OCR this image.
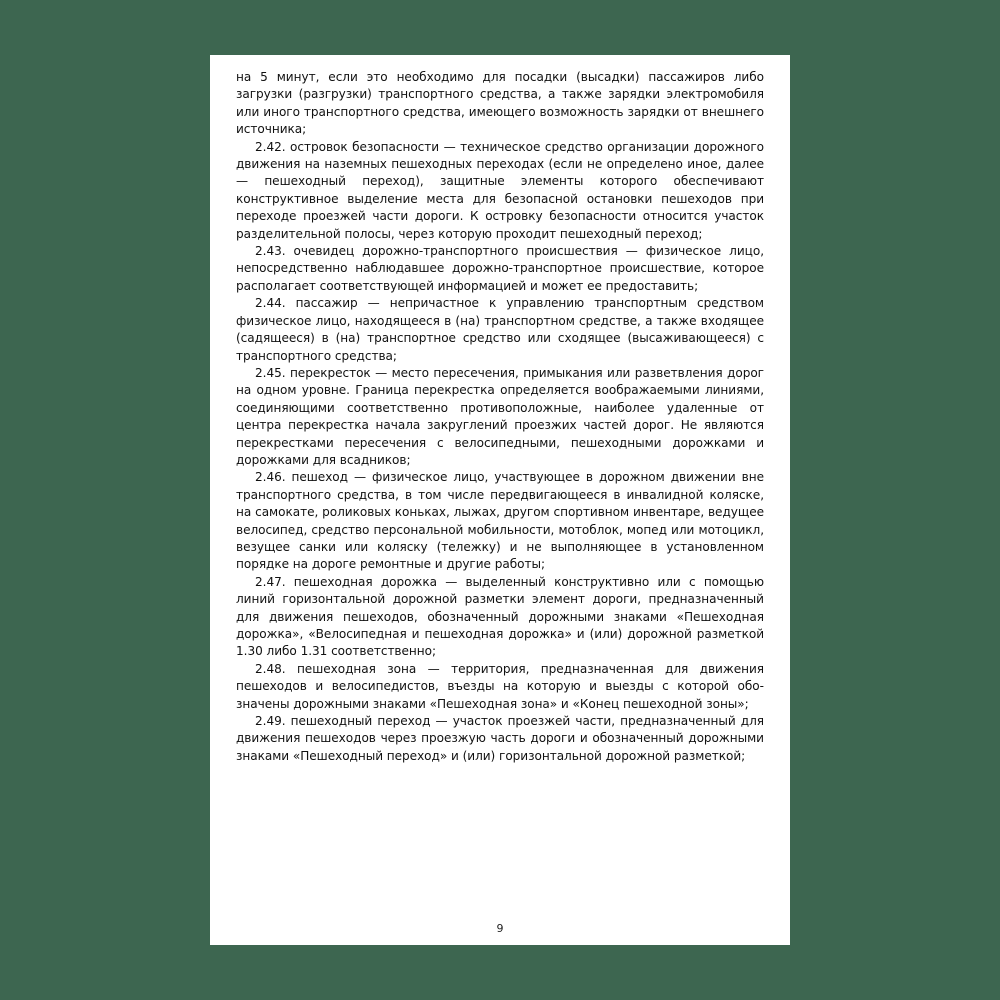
на 5 минут, если это необходимо для посадки (высадки) пассажиров либо загрузки (разгрузки) транспортного средства, а также зарядки электромобиля или иного транспортного средства, имеющего возможность зарядки от внешнего источника;

2.42. островок безопасности — техническое средство организации дорожного движения на наземных пешеходных переходах (если не определено иное, далее — пешеходный переход), защитные элементы которого обеспечивают конструктивное выделение места для безопасной остановки пешеходов при переходе проезжей части дороги. К островку безопасности относится участок разделительной полосы, через которую проходит пешеходный переход;

2.43. очевидец дорожно-транспортного происшествия — физическое лицо, непосредственно наблюдавшее дорожно-транспортное происшествие, которое располагает соответствующей информацией и может ее предоставить;

2.44. пассажир — непричастное к управлению транспортным средством физическое лицо, находящееся в (на) транспортном средстве, а также входящее (садящееся) в (на) транспортное средство или сходящее (высаживающееся) с транспортного средства;

2.45. перекресток — место пересечения, примыкания или разветвления дорог на одном уровне. Граница перекрестка определяется воображаемыми линиями, соединяющими соответственно противоположные, наиболее удаленные от центра перекрестка начала закруглений проезжих частей дорог. Не являются перекрестками пересечения с велосипедными, пешеходными дорожками и дорожками для всадников;

2.46. пешеход — физическое лицо, участвующее в дорожном движении вне транспортного средства, в том числе передвигающееся в инвалидной коляске, на самокате, роликовых коньках, лыжах, другом спортивном инвентаре, ведущее велосипед, средство персональной мобильности, мотоблок, мопед или мотоцикл, везущее санки или коляску (тележку) и не выполняющее в установленном порядке на дороге ремонтные и другие работы;

2.47. пешеходная дорожка — выделенный конструктивно или с помощью линий горизонтальной дорожной разметки элемент дороги, предназначенный для движения пешеходов, обозначенный дорожными знаками «Пешеходная дорожка», «Велосипедная и пешеходная дорожка» и (или) дорожной разметкой 1.30 либо 1.31 соответственно;

2.48. пешеходная зона — территория, предназначенная для движения пешеходов и велосипедистов, въезды на которую и выезды с которой обозначены дорожными знаками «Пешеходная зона» и «Конец пешеходной зоны»;

2.49. пешеходный переход — участок проезжей части, предназначенный для движения пешеходов через проезжую часть дороги и обозначенный дорожными знаками «Пешеходный переход» и (или) горизонтальной дорожной разметкой;

9
